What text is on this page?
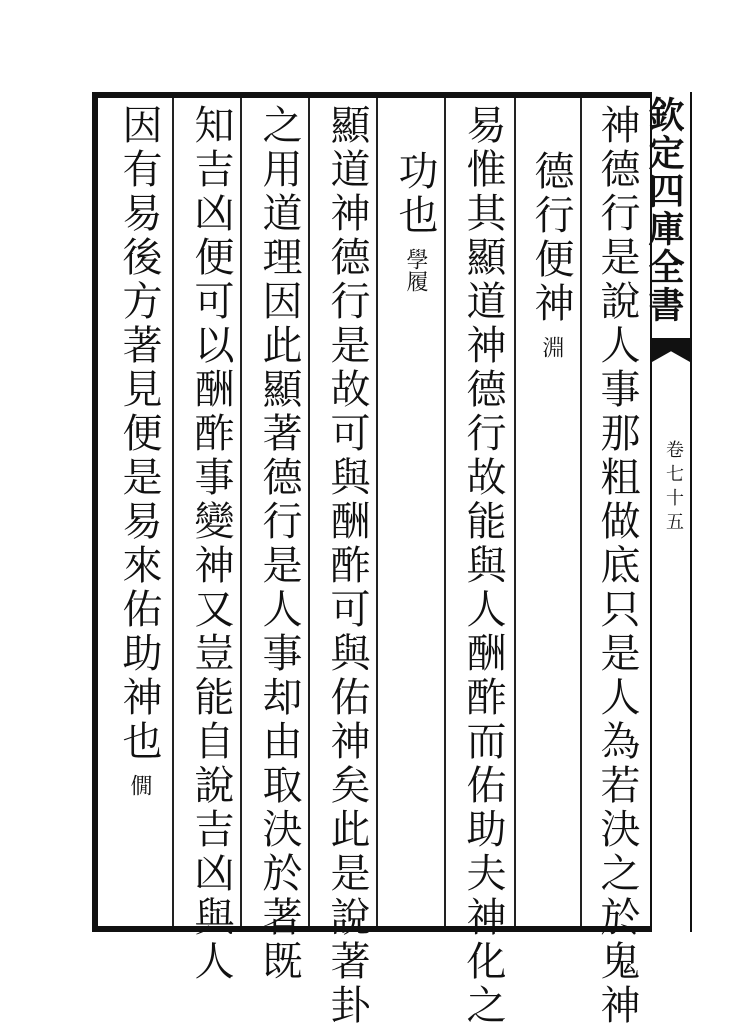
欽定四庫全書
卷七十五
神德行是說人事那粗做底只是人為若決之於鬼神
德行便神淵
易惟其顯道神德行故能與人酬酢而佑助夫神化之
功也學履
顯道神德行是故可與酬酢可與佑神矣此是說著卦
之用道理因此顯著德行是人事却由取決於著既
知吉凶便可以酬酢事變神又豈能自說吉凶與人
因有易後方著見便是易來佑助神也僩
